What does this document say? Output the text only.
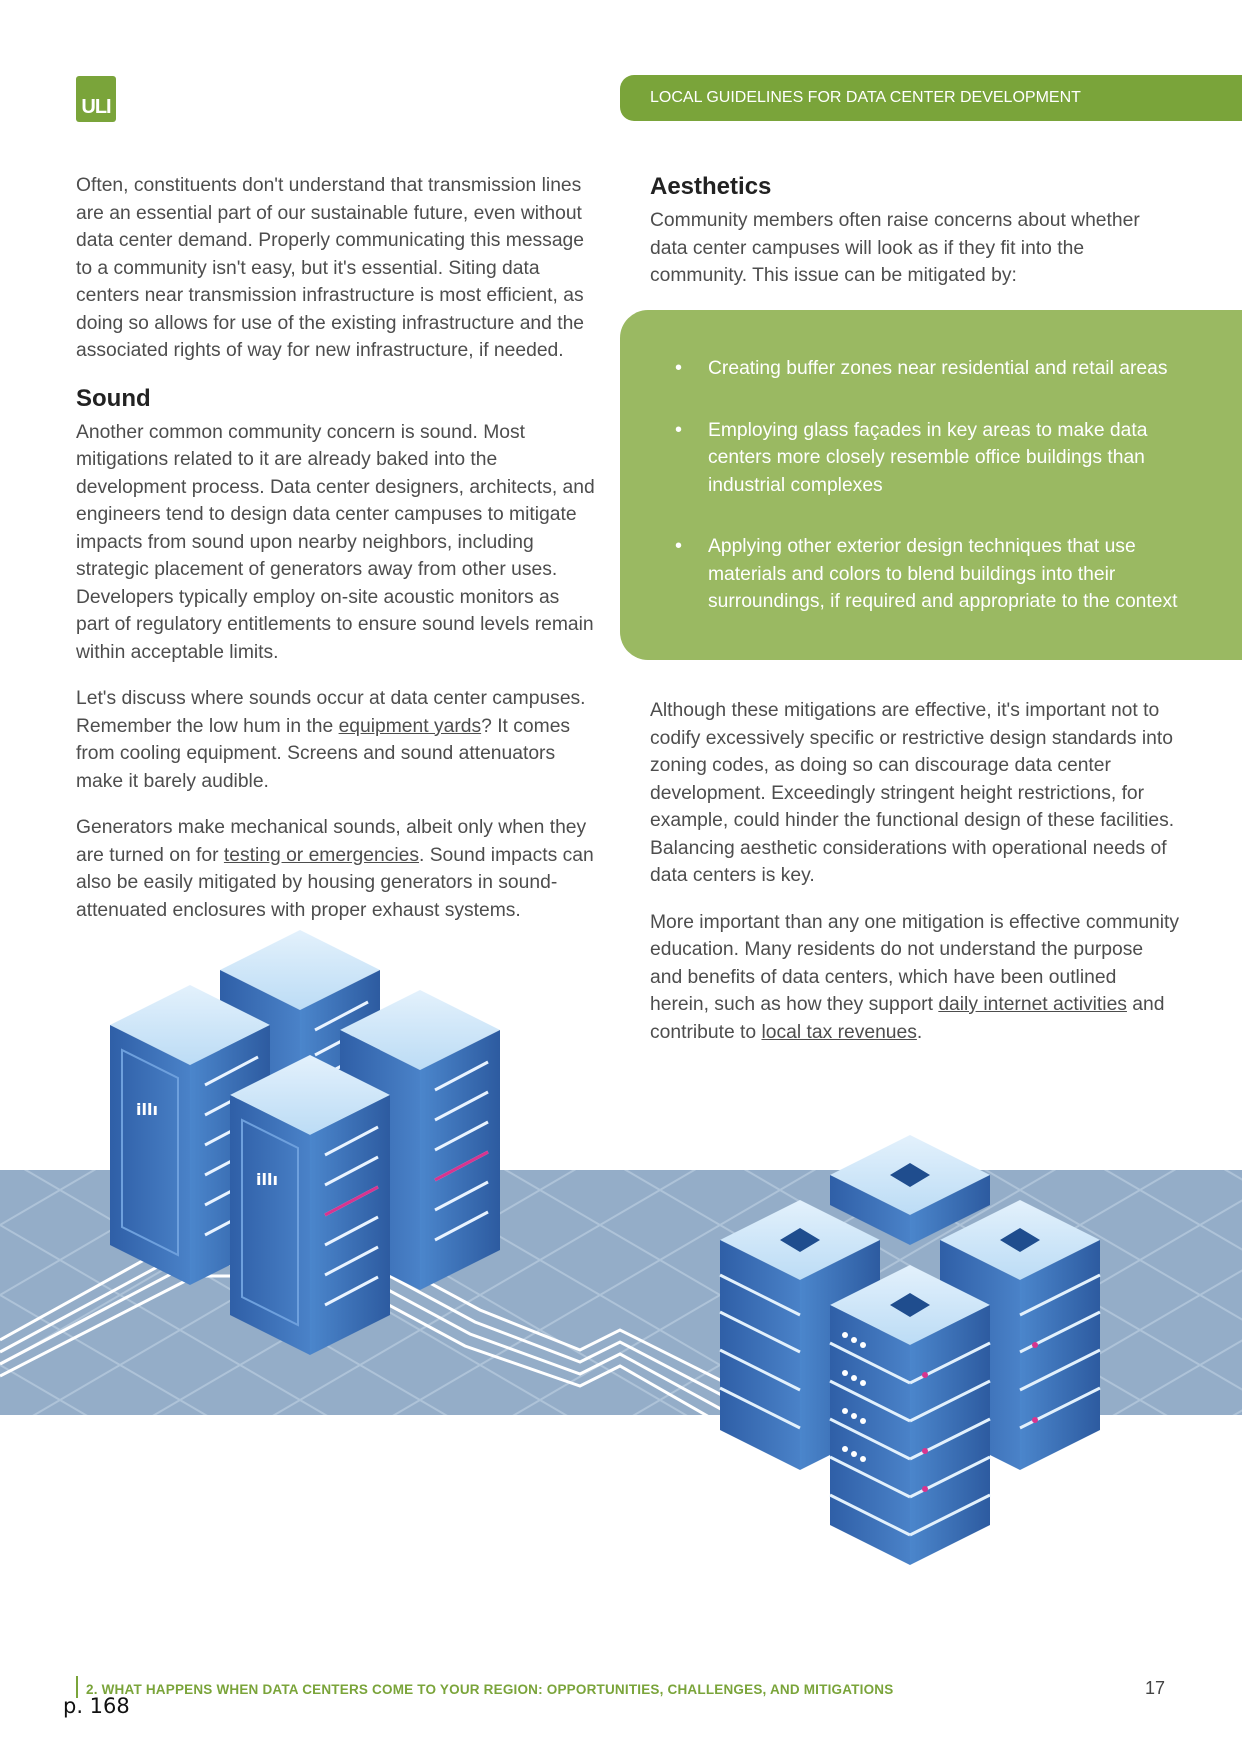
ULI	LOCAL GUIDELINES FOR DATA CENTER DEVELOPMENT

Often, constituents don't understand that transmission lines are an essential part of our sustainable future, even without data center demand. Properly communicating this message to a community isn't easy, but it's essential. Siting data centers near transmission infrastructure is most efficient, as doing so allows for use of the existing infrastructure and the associated rights of way for new infrastructure, if needed.

Sound

Another common community concern is sound. Most mitigations related to it are already baked into the development process. Data center designers, architects, and engineers tend to design data center campuses to mitigate impacts from sound upon nearby neighbors, including strategic placement of generators away from other uses. Developers typically employ on-site acoustic monitors as part of regulatory entitlements to ensure sound levels remain within acceptable limits.

Let's discuss where sounds occur at data center campuses. Remember the low hum in the equipment yards? It comes from cooling equipment. Screens and sound attenuators make it barely audible.

Generators make mechanical sounds, albeit only when they are turned on for testing or emergencies. Sound impacts can also be easily mitigated by housing generators in sound-attenuated enclosures with proper exhaust systems.

Aesthetics

Community members often raise concerns about whether data center campuses will look as if they fit into the community. This issue can be mitigated by:

• Creating buffer zones near residential and retail areas
• Employing glass façades in key areas to make data centers more closely resemble office buildings than industrial complexes
• Applying other exterior design techniques that use materials and colors to blend buildings into their surroundings, if required and appropriate to the context

Although these mitigations are effective, it's important not to codify excessively specific or restrictive design standards into zoning codes, as doing so can discourage data center development. Exceedingly stringent height restrictions, for example, could hinder the functional design of these facilities. Balancing aesthetic considerations with operational needs of data centers is key.

More important than any one mitigation is effective community education. Many residents do not understand the purpose and benefits of data centers, which have been outlined herein, such as how they support daily internet activities and contribute to local tax revenues.

illı
illı
2. WHAT HAPPENS WHEN DATA CENTERS COME TO YOUR REGION: OPPORTUNITIES, CHALLENGES, AND MITIGATIONS	17
p. 168
